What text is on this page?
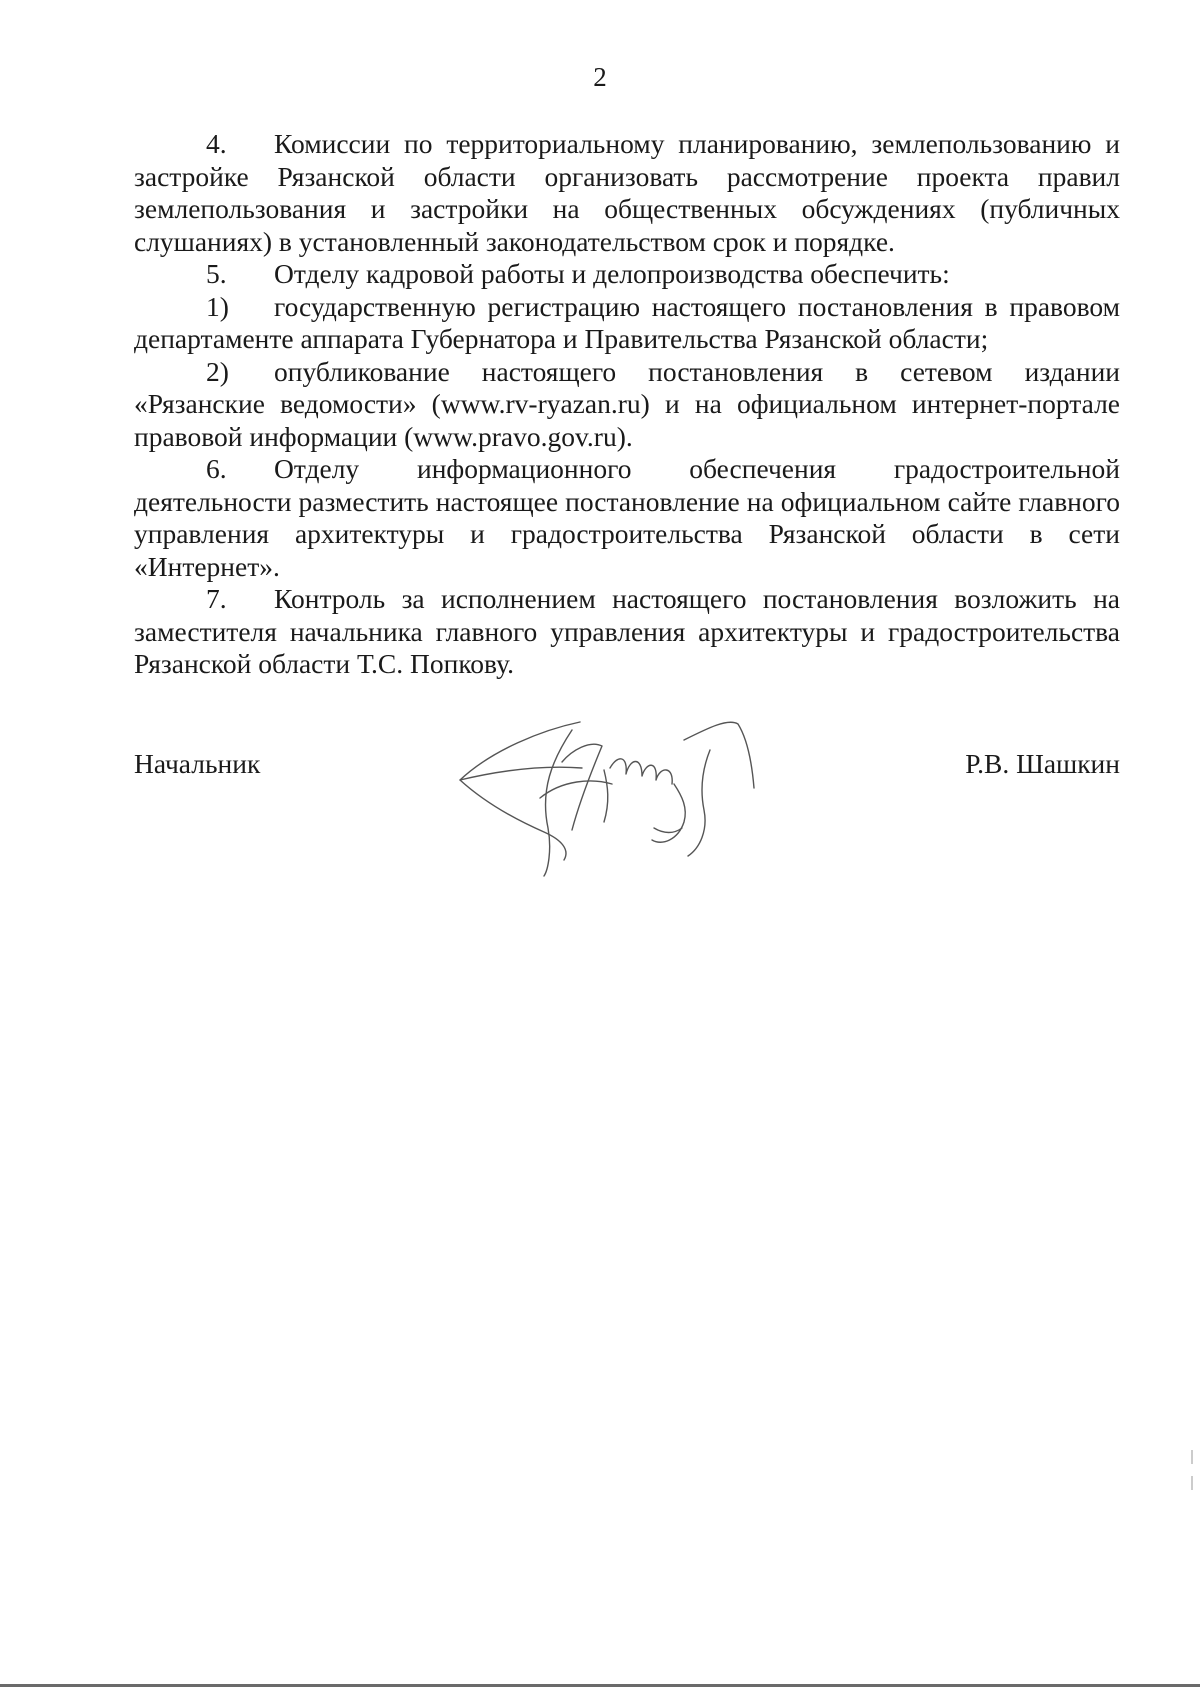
2

4. Комиссии по территориальному планированию, землепользованию и застройке Рязанской области организовать рассмотрение проекта правил землепользования и застройки на общественных обсуждениях (публичных слушаниях) в установленный законодательством срок и порядке.

5. Отделу кадровой работы и делопроизводства обеспечить:

1) государственную регистрацию настоящего постановления в правовом департаменте аппарата Губернатора и Правительства Рязанской области;

2) опубликование настоящего постановления в сетевом издании «Рязанские ведомости» (www.rv-ryazan.ru) и на официальном интернет-портале правовой информации (www.pravo.gov.ru).

6. Отделу информационного обеспечения градостроительной деятельности разместить настоящее постановление на официальном сайте главного управления архитектуры и градостроительства Рязанской области в сети «Интернет».

7. Контроль за исполнением настоящего постановления возложить на заместителя начальника главного управления архитектуры и градостроительства Рязанской области Т.С. Попкову.

Начальник	Р.В. Шашкин
